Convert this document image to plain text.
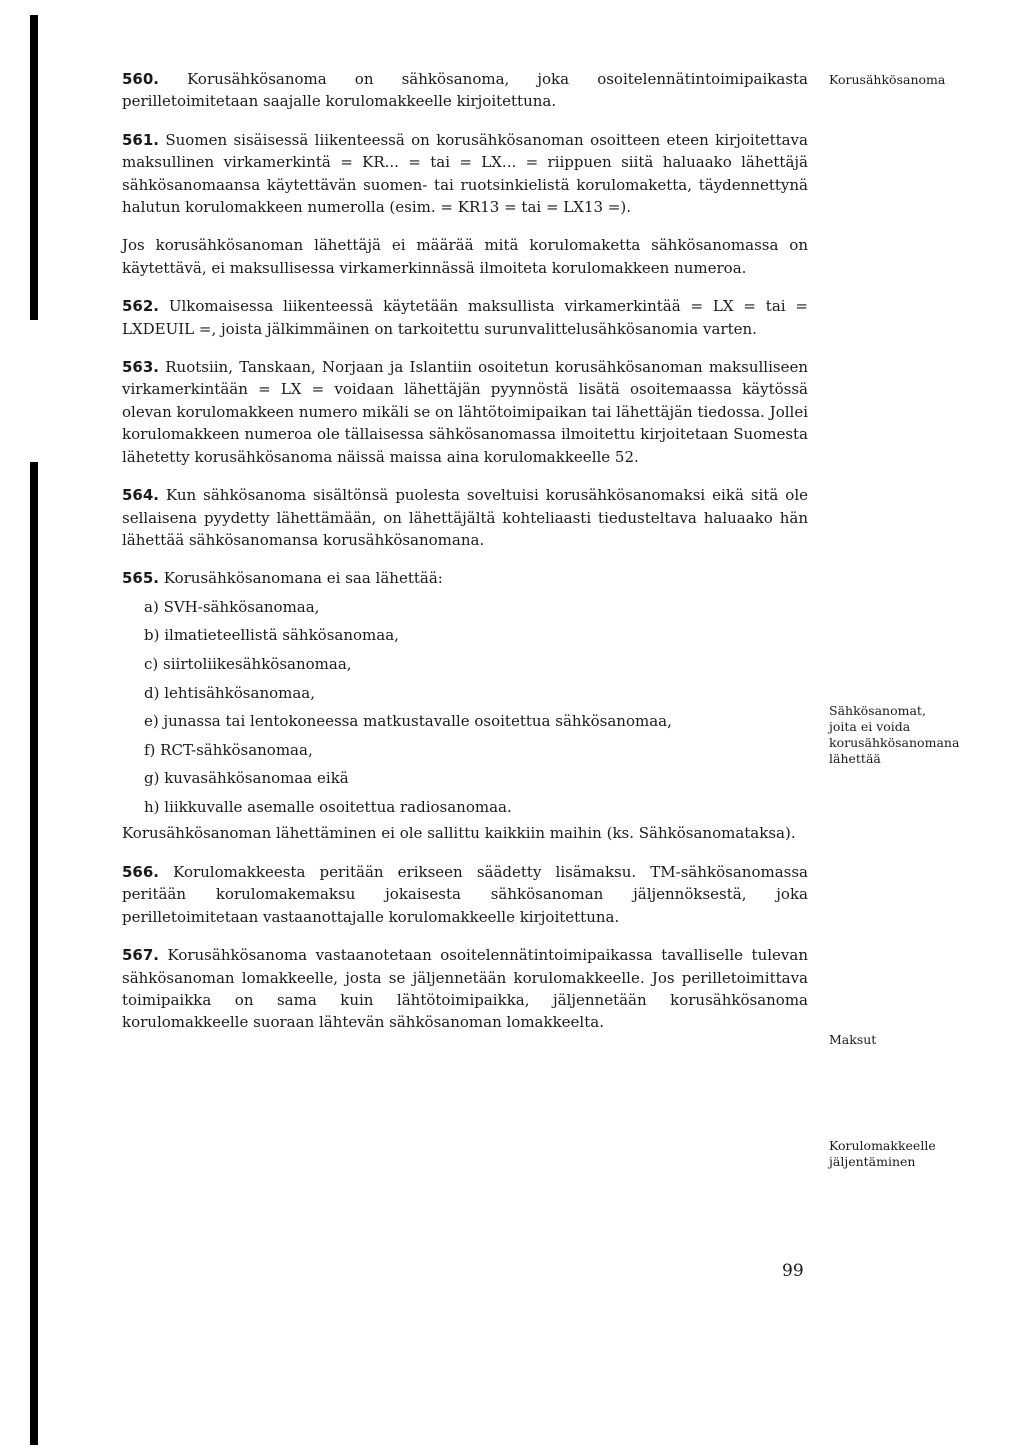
560. Korusähkösanoma on sähkösanoma, joka osoitelennätintoimipaikasta perilletoimitetaan saajalle korulomakkeelle kirjoitettuna.

561. Suomen sisäisessä liikenteessä on korusähkösanoman osoitteen eteen kirjoitettava maksullinen virkamerkintä = KR... = tai = LX... = riippuen siitä haluaako lähettäjä sähkösanomaansa käytettävän suomen- tai ruotsinkielistä korulomaketta, täydennettynä halutun korulomakkeen numerolla (esim. = KR13 = tai = LX13 =).

Jos korusähkösanoman lähettäjä ei määrää mitä korulomaketta sähkösanomassa on käytettävä, ei maksullisessa virkamerkinnässä ilmoiteta korulomakkeen numeroa.

562. Ulkomaisessa liikenteessä käytetään maksullista virkamerkintää = LX = tai = LXDEUIL =, joista jälkimmäinen on tarkoitettu surunvalittelusähkösanomia varten.

563. Ruotsiin, Tanskaan, Norjaan ja Islantiin osoitetun korusähkösanoman maksulliseen virkamerkintään = LX = voidaan lähettäjän pyynnöstä lisätä osoitemaassa käytössä olevan korulomakkeen numero mikäli se on lähtötoimipaikan tai lähettäjän tiedossa. Jollei korulomakkeen numeroa ole tällaisessa sähkösanomassa ilmoitettu kirjoitetaan Suomesta lähetetty korusähkösanoma näissä maissa aina korulomakkeelle 52.

564. Kun sähkösanoma sisältönsä puolesta soveltuisi korusähkösanomaksi eikä sitä ole sellaisena pyydetty lähettämään, on lähettäjältä kohteliaasti tiedusteltava haluaako hän lähettää sähkösanomansa korusähkösanomana.

565. Korusähkösanomana ei saa lähettää:

a) SVH-sähkösanomaa,
b) ilmatieteellistä sähkösanomaa,
c) siirtoliikesähkösanomaa,
d) lehtisähkösanomaa,
e) junassa tai lentokoneessa matkustavalle osoitettua sähkösanomaa,
f) RCT-sähkösanomaa,
g) kuvasähkösanomaa eikä
h) liikkuvalle asemalle osoitettua radiosanomaa.

Korusähkösanoman lähettäminen ei ole sallittu kaikkiin maihin (ks. Sähkösanomataksa).

566. Korulomakkeesta peritään erikseen säädetty lisämaksu. TM-sähkösanomassa peritään korulomakemaksu jokaisesta sähkösanoman jäljennöksestä, joka perilletoimitetaan vastaanottajalle korulomakkeelle kirjoitettuna.

567. Korusähkösanoma vastaanotetaan osoitelennätintoimipaikassa tavalliselle tulevan sähkösanoman lomakkeelle, josta se jäljennetään korulomakkeelle. Jos perilletoimittava toimipaikka on sama kuin lähtötoimipaikka, jäljennetään korusähkösanoma korulomakkeelle suoraan lähtevän sähkösanoman lomakkeelta.

Korusähkösanoma
Sähkösanomat, joita ei voida korusähkösanomana lähettää
Maksut
Korulomakkeelle jäljentäminen
99
